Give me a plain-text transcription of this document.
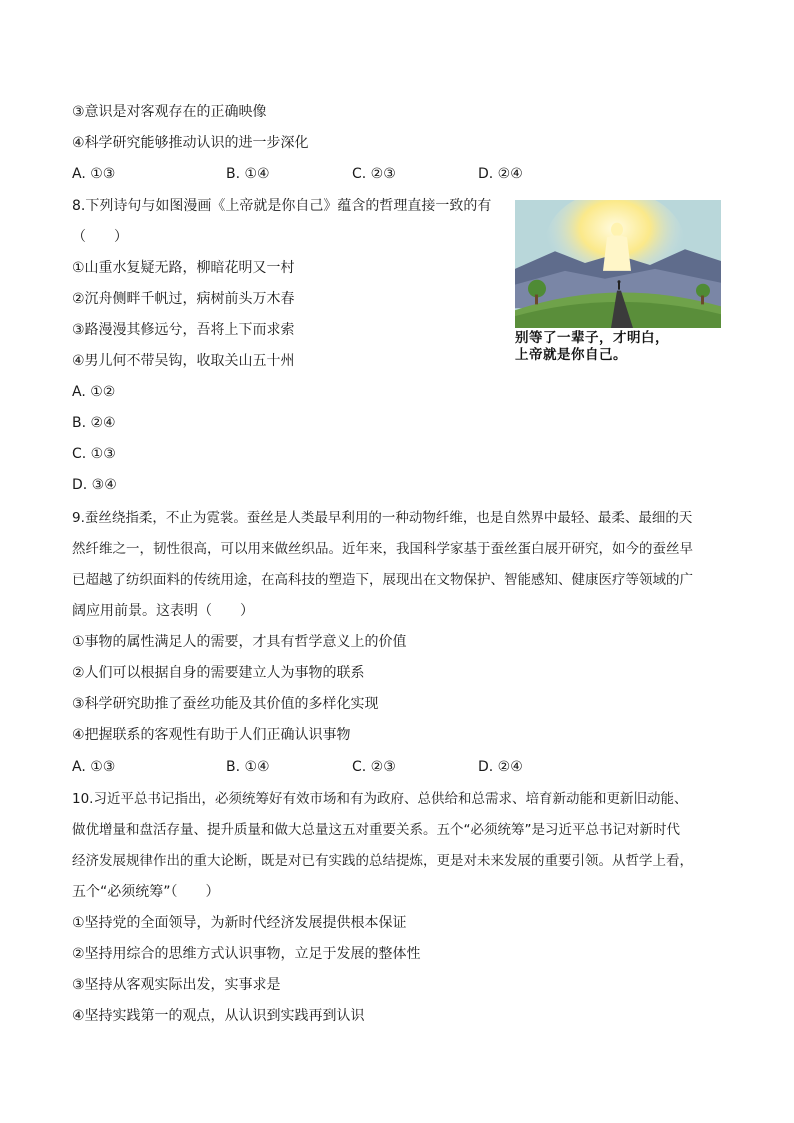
③意识是对客观存在的正确映像
④科学研究能够推动认识的进一步深化
A. ①③	B. ①④	C. ②③	D. ②④
8.下列诗句与如图漫画《上帝就是你自己》蕴含的哲理直接一致的有
（　　）
①山重水复疑无路，柳暗花明又一村
②沉舟侧畔千帆过，病树前头万木春
③路漫漫其修远兮，吾将上下而求索
④男儿何不带吴钩，收取关山五十州
A. ①②
B. ②④
C. ①③
D. ③④
别等了一辈子，才明白，
上帝就是你自己。
9.蚕丝绕指柔，不止为霓裳。蚕丝是人类最早利用的一种动物纤维，也是自然界中最轻、最柔、最细的天
然纤维之一，韧性很高，可以用来做丝织品。近年来，我国科学家基于蚕丝蛋白展开研究，如今的蚕丝早
已超越了纺织面料的传统用途，在高科技的塑造下，展现出在文物保护、智能感知、健康医疗等领域的广
阔应用前景。这表明（　　）
①事物的属性满足人的需要，才具有哲学意义上的价值
②人们可以根据自身的需要建立人为事物的联系
③科学研究助推了蚕丝功能及其价值的多样化实现
④把握联系的客观性有助于人们正确认识事物
A. ①③	B. ①④	C. ②③	D. ②④
10.习近平总书记指出，必须统筹好有效市场和有为政府、总供给和总需求、培育新动能和更新旧动能、
做优增量和盘活存量、提升质量和做大总量这五对重要关系。五个“必须统筹”是习近平总书记对新时代
经济发展规律作出的重大论断，既是对已有实践的总结提炼，更是对未来发展的重要引领。从哲学上看，
五个“必须统筹”（　　）
①坚持党的全面领导，为新时代经济发展提供根本保证
②坚持用综合的思维方式认识事物，立足于发展的整体性
③坚持从客观实际出发，实事求是
④坚持实践第一的观点，从认识到实践再到认识
